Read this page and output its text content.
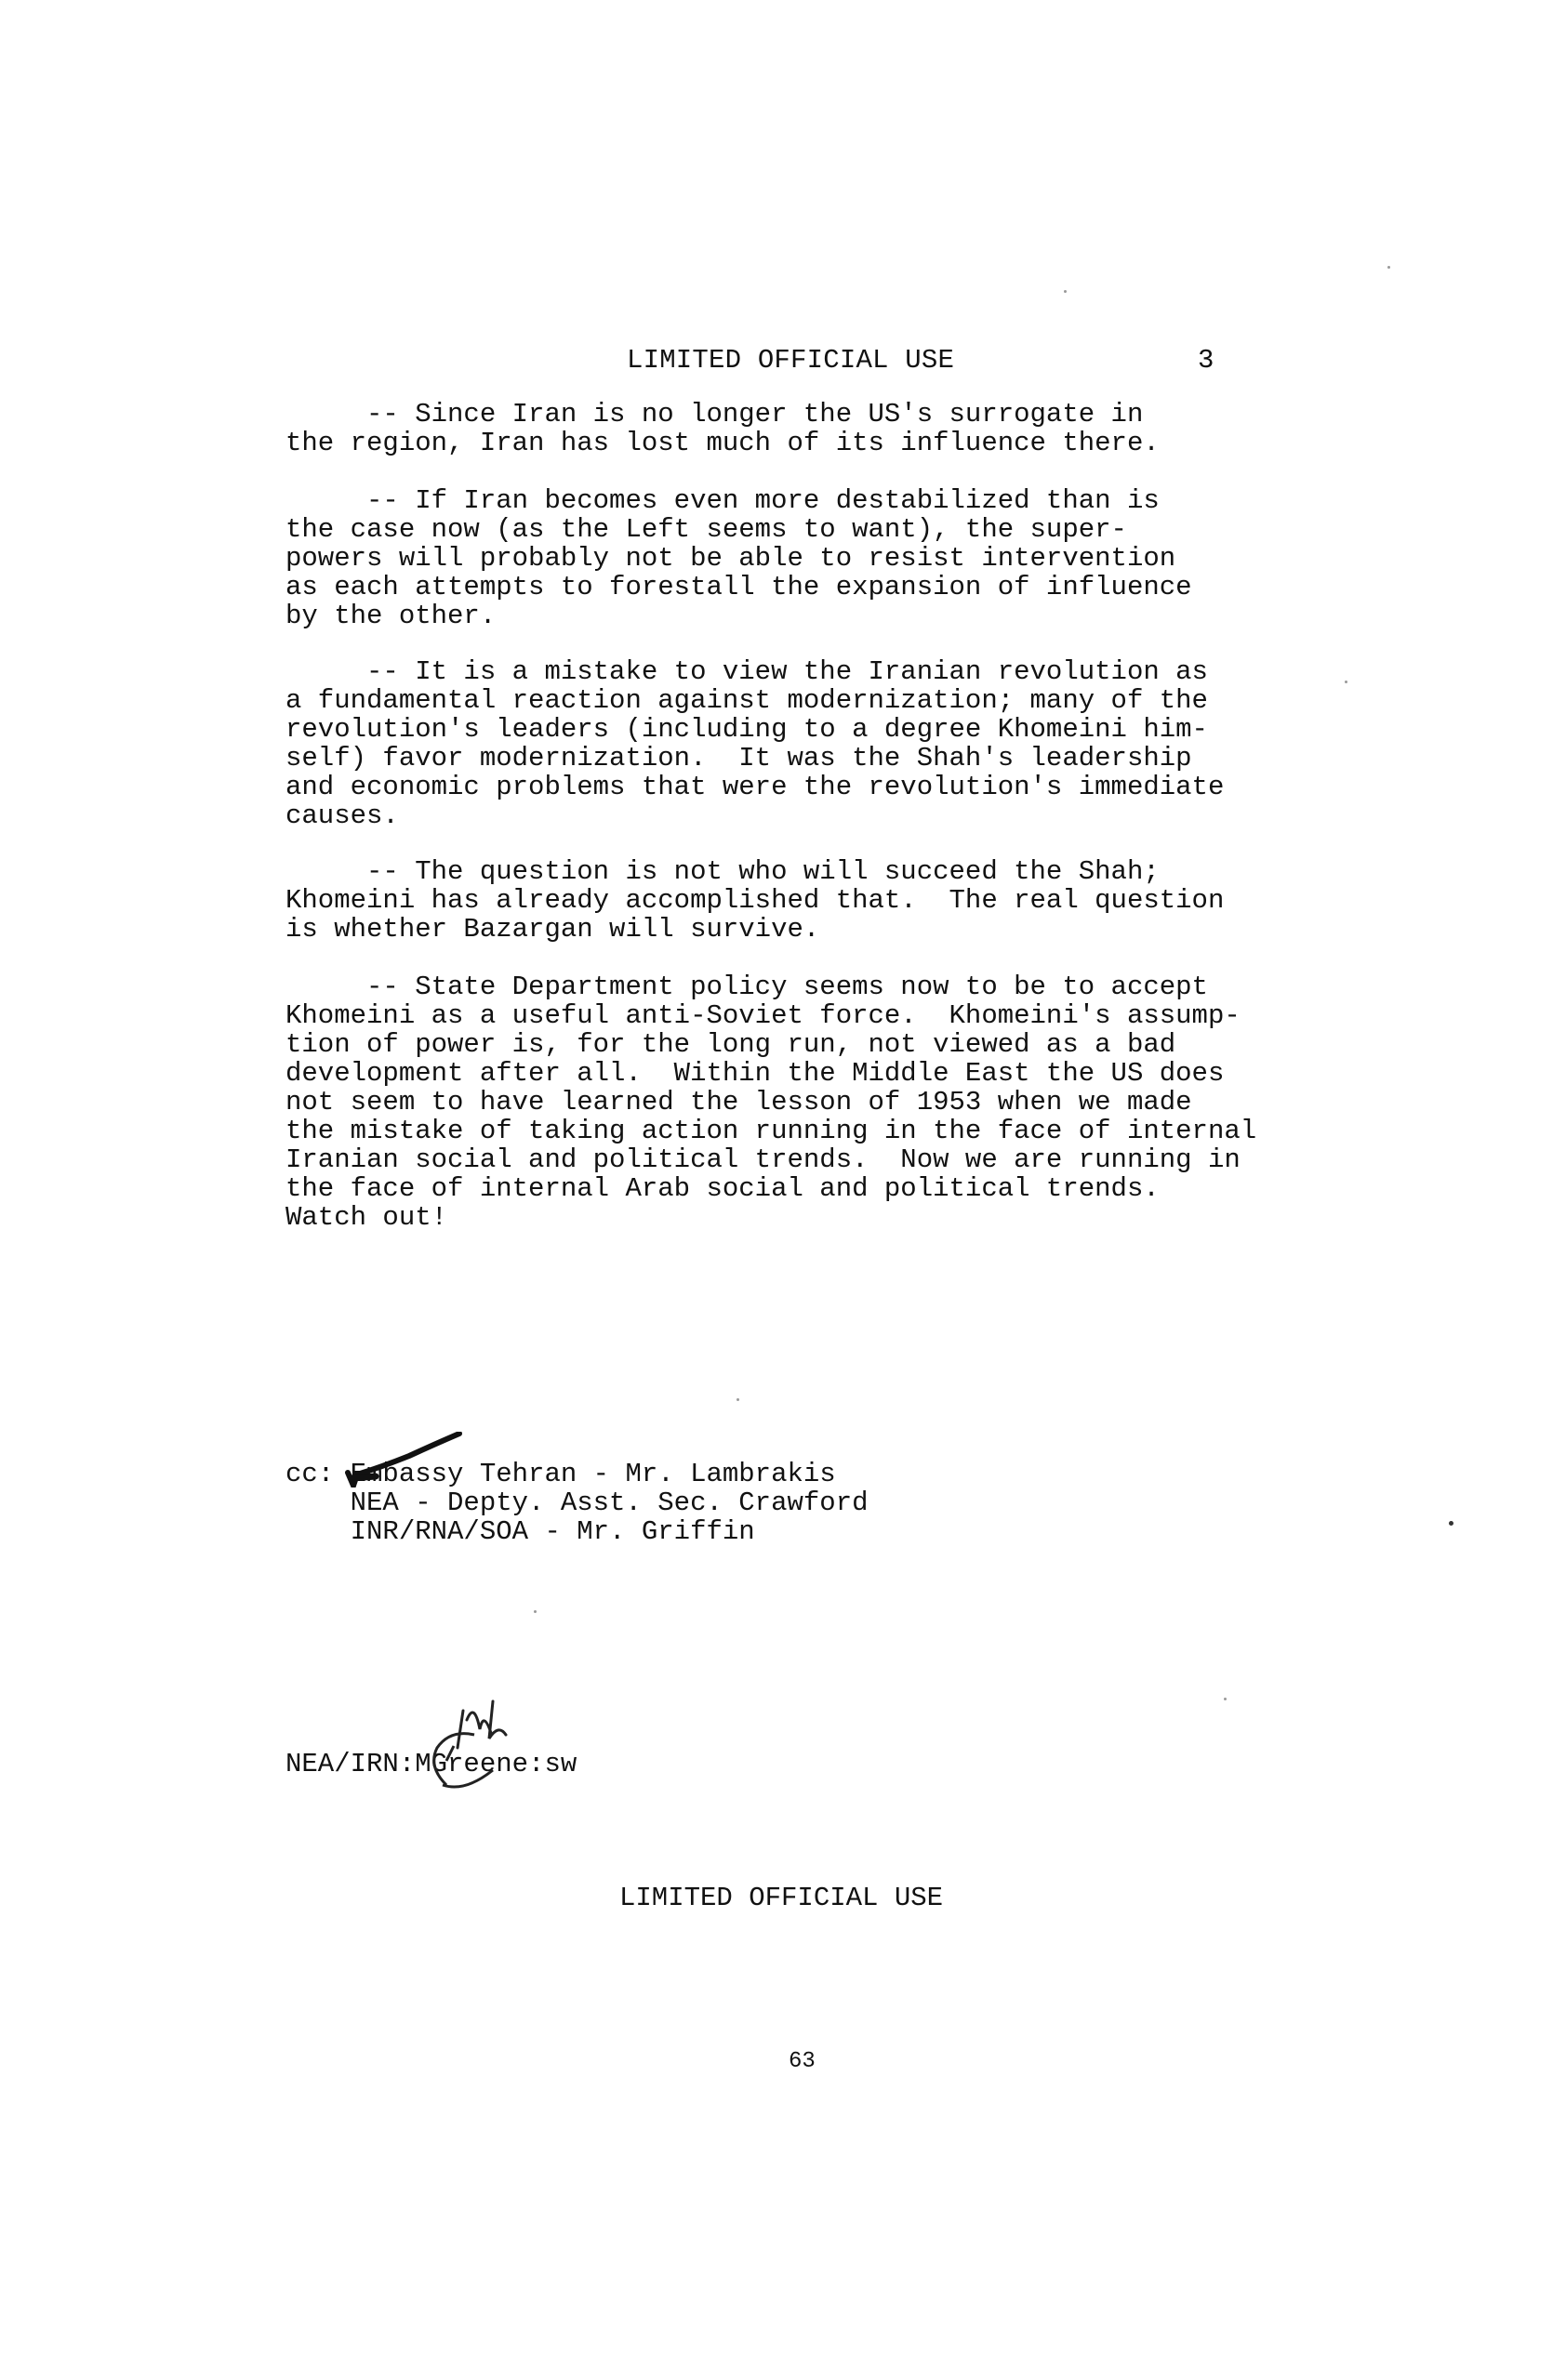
LIMITED OFFICIAL USE	3
-- Since Iran is no longer the US's surrogate in
the region, Iran has lost much of its influence there.
-- If Iran becomes even more destabilized than is
the case now (as the Left seems to want), the super-
powers will probably not be able to resist intervention
as each attempts to forestall the expansion of influence
by the other.
-- It is a mistake to view the Iranian revolution as
a fundamental reaction against modernization; many of the
revolution's leaders (including to a degree Khomeini him-
self) favor modernization.  It was the Shah's leadership
and economic problems that were the revolution's immediate
causes.
-- The question is not who will succeed the Shah;
Khomeini has already accomplished that.  The real question
is whether Bazargan will survive.
-- State Department policy seems now to be to accept
Khomeini as a useful anti-Soviet force.  Khomeini's assump-
tion of power is, for the long run, not viewed as a bad
development after all.  Within the Middle East the US does
not seem to have learned the lesson of 1953 when we made
the mistake of taking action running in the face of internal
Iranian social and political trends.  Now we are running in
the face of internal Arab social and political trends.
Watch out!
cc: Embassy Tehran - Mr. Lambrakis
NEA - Depty. Asst. Sec. Crawford
INR/RNA/SOA - Mr. Griffin
NEA/IRN:MGreene:sw
LIMITED OFFICIAL USE
63
